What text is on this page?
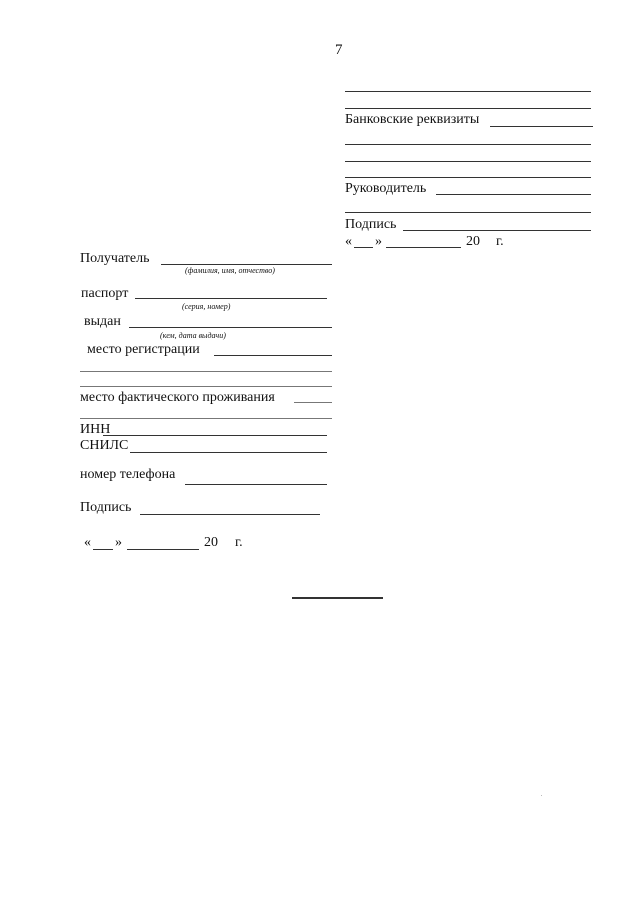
7
Банковские реквизиты
Руководитель
Подпись
« »	20 г.
Получатель
(фамилия, имя, отчество)
паспорт
(серия, номер)
выдан
(кем, дата выдачи)
место регистрации
место фактического проживания
ИНН
СНИЛС
номер телефона
Подпись
« »	20 г.
